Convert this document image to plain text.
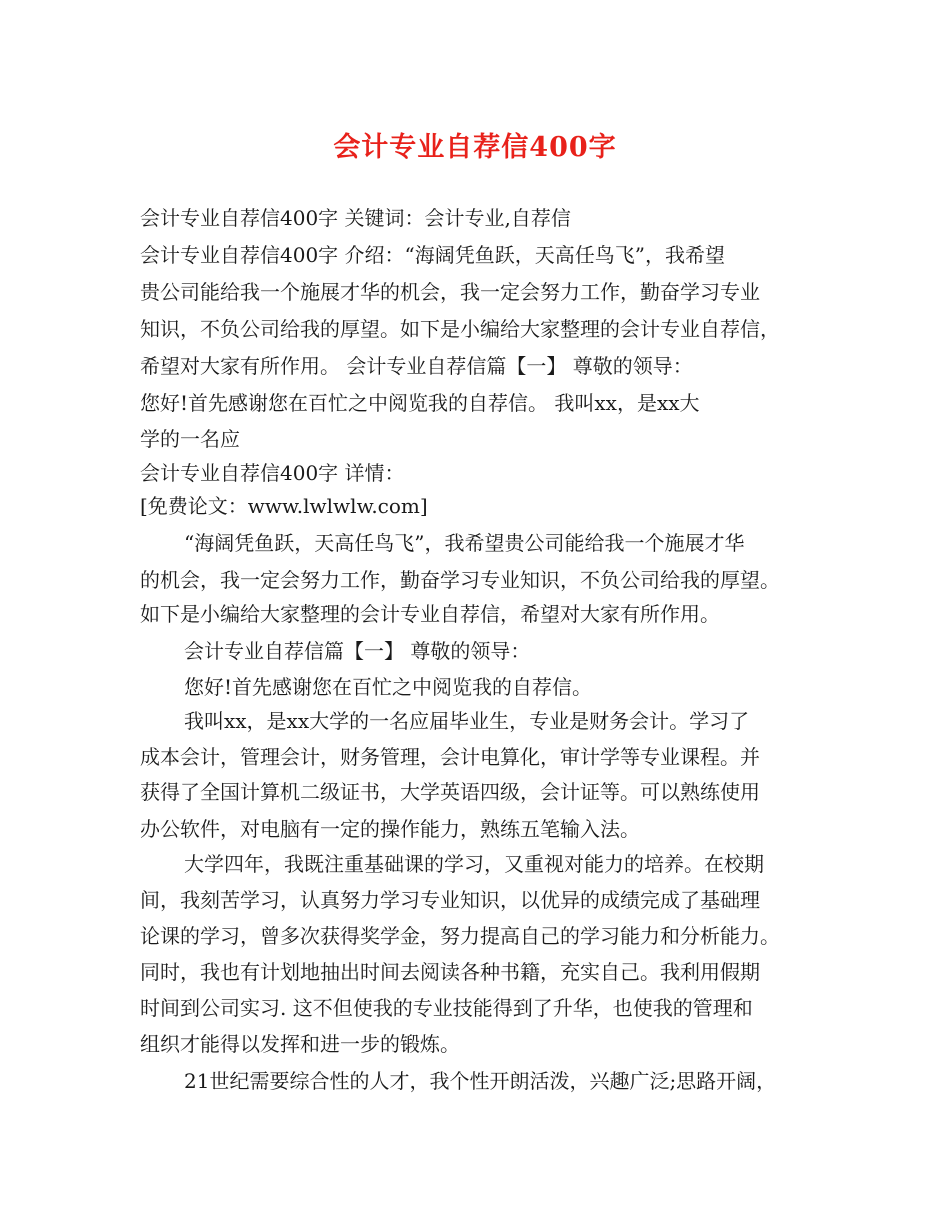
会计专业自荐信400字
会计专业自荐信400字 关键词：会计专业,自荐信
会计专业自荐信400字 介绍：“海阔凭鱼跃，天高任鸟飞”，我希望
贵公司能给我一个施展才华的机会，我一定会努力工作，勤奋学习专业
知识，不负公司给我的厚望。如下是小编给大家整理的会计专业自荐信，
希望对大家有所作用。 会计专业自荐信篇【一】 尊敬的领导：
您好!首先感谢您在百忙之中阅览我的自荐信。 我叫xx，是xx大
学的一名应
会计专业自荐信400字 详情：
[免费论文：www.lwlwlw.com]
“海阔凭鱼跃，天高任鸟飞”，我希望贵公司能给我一个施展才华
的机会，我一定会努力工作，勤奋学习专业知识，不负公司给我的厚望。
如下是小编给大家整理的会计专业自荐信，希望对大家有所作用。
会计专业自荐信篇【一】 尊敬的领导：
您好!首先感谢您在百忙之中阅览我的自荐信。
我叫xx，是xx大学的一名应届毕业生，专业是财务会计。学习了
成本会计，管理会计，财务管理，会计电算化，审计学等专业课程。并
获得了全国计算机二级证书，大学英语四级，会计证等。可以熟练使用
办公软件，对电脑有一定的操作能力，熟练五笔输入法。
大学四年，我既注重基础课的学习，又重视对能力的培养。在校期
间，我刻苦学习，认真努力学习专业知识，以优异的成绩完成了基础理
论课的学习，曾多次获得奖学金，努力提高自己的学习能力和分析能力。
同时，我也有计划地抽出时间去阅读各种书籍，充实自己。我利用假期
时间到公司实习. 这不但使我的专业技能得到了升华，也使我的管理和
组织才能得以发挥和进一步的锻炼。
21世纪需要综合性的人才，我个性开朗活泼，兴趣广泛;思路开阔，
